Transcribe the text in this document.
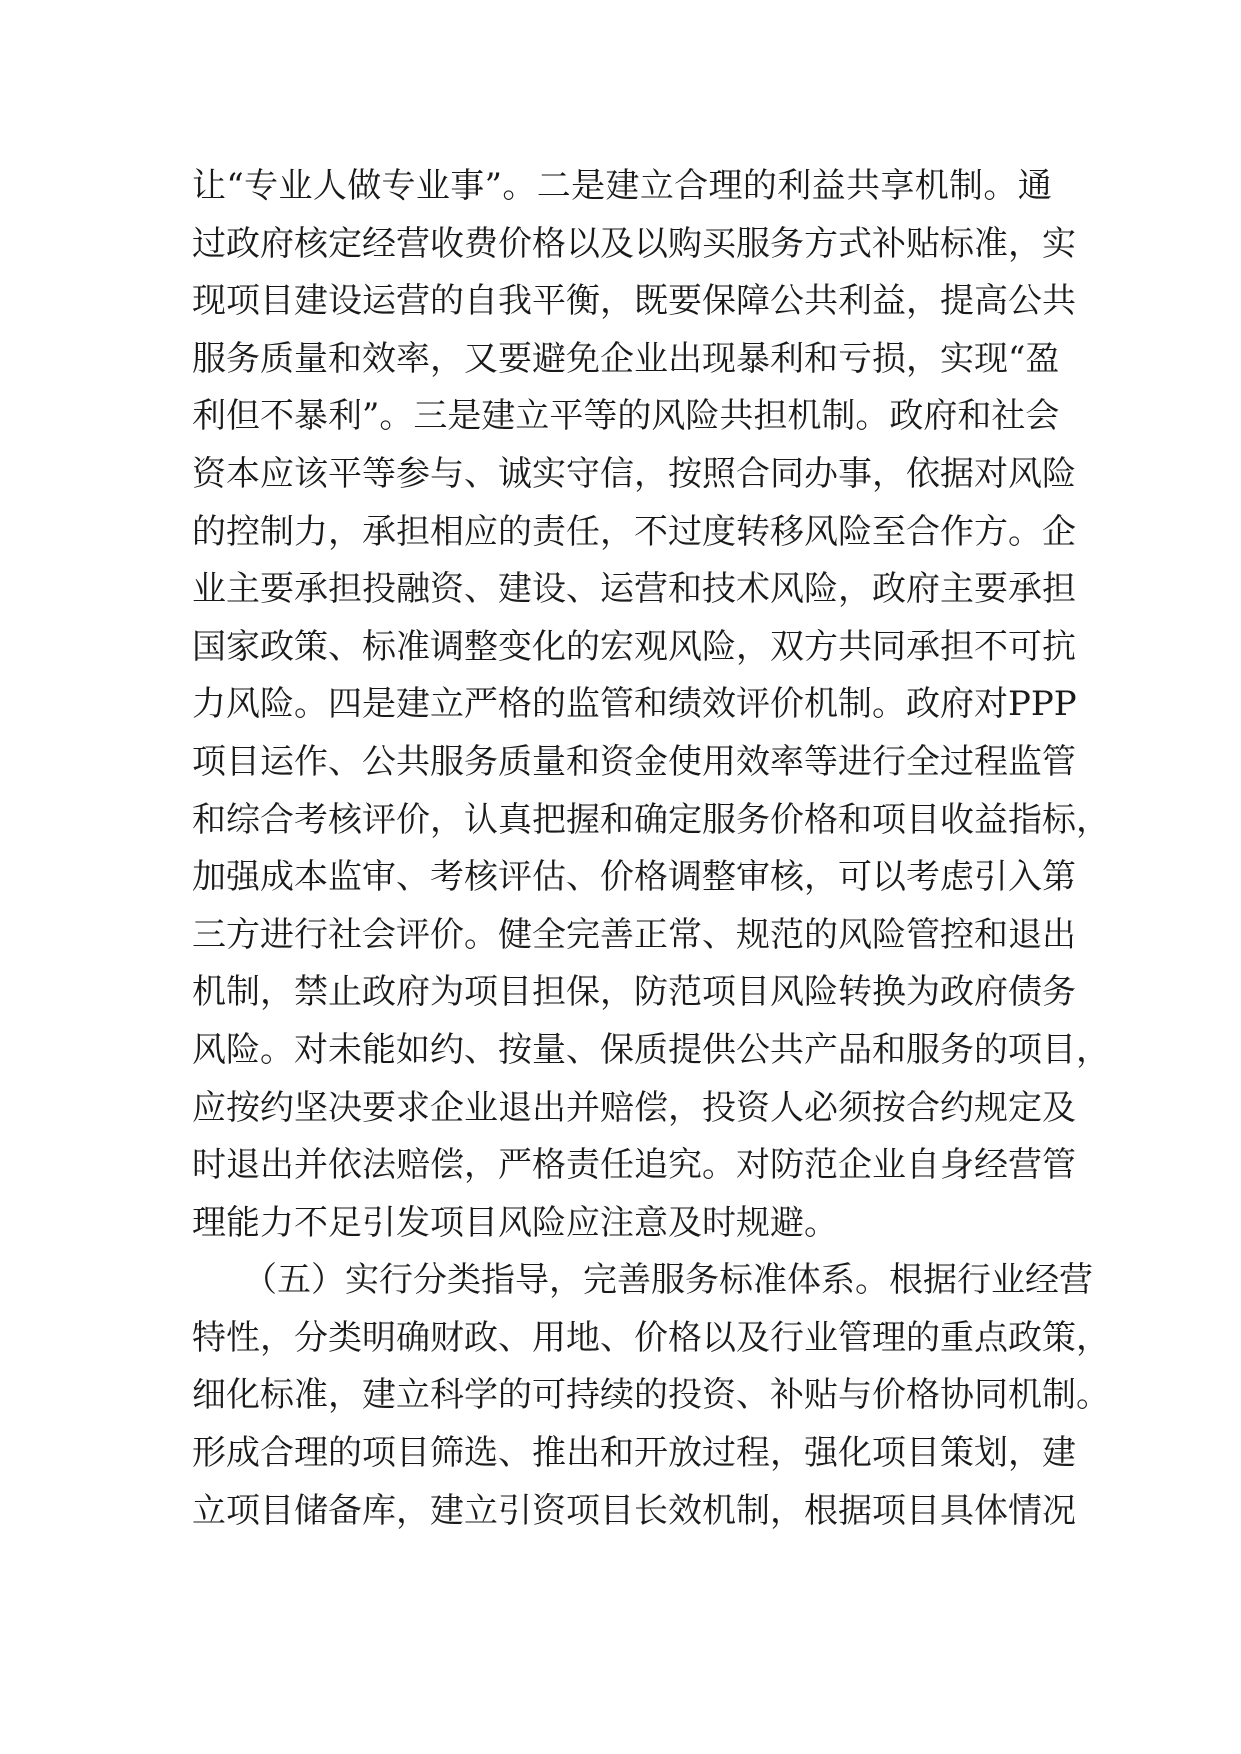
让 “ 专 业 人 做 专 业 事 ” 。 二 是 建 立 合 理 的 利 益 共 享 机 制 。 通
过 政 府 核 定 经 营 收 费 价 格 以 及 以 购 买 服 务 方 式 补 贴 标 准 ， 实
现 项 目 建 设 运 营 的 自 我 平 衡 ， 既 要 保 障 公 共 利 益 ， 提 高 公 共
服 务 质 量 和 效 率 ， 又 要 避 免 企 业 出 现 暴 利 和 亏 损 ， 实 现 “ 盈
利 但 不 暴 利 ” 。 三 是 建 立 平 等 的 风 险 共 担 机 制 。 政 府 和 社 会
资 本 应 该 平 等 参 与 、 诚 实 守 信 ， 按 照 合 同 办 事 ， 依 据 对 风 险
的 控 制 力 ， 承 担 相 应 的 责 任 ， 不 过 度 转 移 风 险 至 合 作 方 。 企
业 主 要 承 担 投 融 资 、 建 设 、 运 营 和 技 术 风 险 ， 政 府 主 要 承 担
国 家 政 策 、 标 准 调 整 变 化 的 宏 观 风 险 ， 双 方 共 同 承 担 不 可 抗
力 风 险 。 四 是 建 立 严 格 的 监 管 和 绩 效 评 价 机 制 。 政 府 对 PPP
项 目 运 作 、 公 共 服 务 质 量 和 资 金 使 用 效 率 等 进 行 全 过 程 监 管
和 综 合 考 核 评 价 ， 认 真 把 握 和 确 定 服 务 价 格 和 项 目 收 益 指 标 ，
加 强 成 本 监 审 、 考 核 评 估 、 价 格 调 整 审 核 ， 可 以 考 虑 引 入 第
三 方 进 行 社 会 评 价 。 健 全 完 善 正 常 、 规 范 的 风 险 管 控 和 退 出
机 制 ， 禁 止 政 府 为 项 目 担 保 ， 防 范 项 目 风 险 转 换 为 政 府 债 务
风 险 。 对 未 能 如 约 、 按 量 、 保 质 提 供 公 共 产 品 和 服 务 的 项 目 ，
应 按 约 坚 决 要 求 企 业 退 出 并 赔 偿 ， 投 资 人 必 须 按 合 约 规 定 及
时 退 出 并 依 法 赔 偿 ， 严 格 责 任 追 究 。 对 防 范 企 业 自 身 经 营 管
理能力不足引发项目风险应注意及时规避。
（ 五 ） 实 行 分 类 指 导 ， 完 善 服 务 标 准 体 系 。 根 据 行 业 经 营
特 性 ， 分 类 明 确 财 政 、 用 地 、 价 格 以 及 行 业 管 理 的 重 点 政 策 ，
细 化 标 准 ， 建 立 科 学 的 可 持 续 的 投 资 、 补 贴 与 价 格 协 同 机 制 。
形 成 合 理 的 项 目 筛 选 、 推 出 和 开 放 过 程 ， 强 化 项 目 策 划 ， 建
立 项 目 储 备 库 ， 建 立 引 资 项 目 长 效 机 制 ， 根 据 项 目 具 体 情 况
